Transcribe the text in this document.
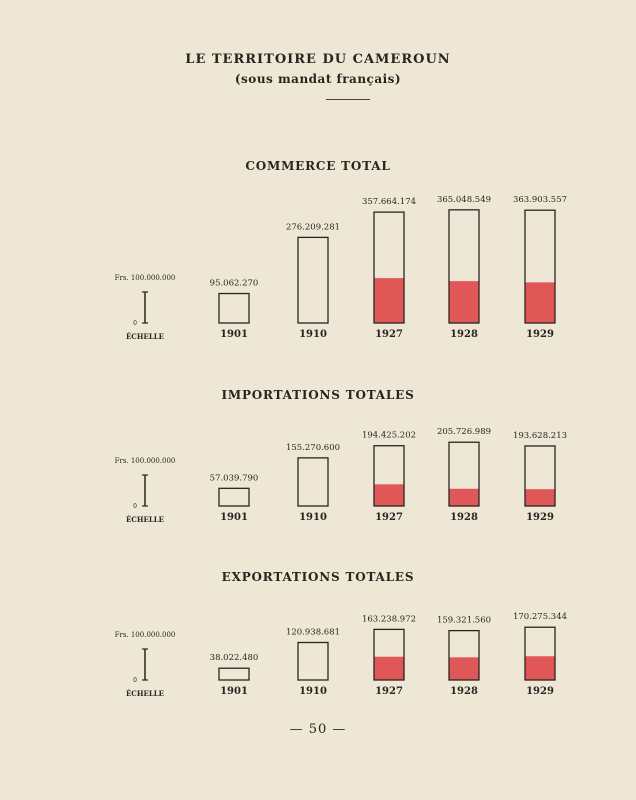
LE TERRITOIRE DU CAMEROUN
(sous mandat français)
COMMERCE TOTAL
Frs. 100.000.000
0
ÉCHELLE
95.062.270
1901
276.209.281
1910
357.664.174
1927
365.048.549
1928
363.903.557
1929
IMPORTATIONS TOTALES
Frs. 100.000.000
0
ÉCHELLE
57.039.790
1901
155.270.600
1910
194.425.202
1927
205.726.989
1928
193.628.213
1929
EXPORTATIONS TOTALES
Frs. 100.000.000
0
ÉCHELLE
38.022.480
1901
120.938.681
1910
163.238.972
1927
159.321.560
1928
170.275.344
1929
— 50 —
